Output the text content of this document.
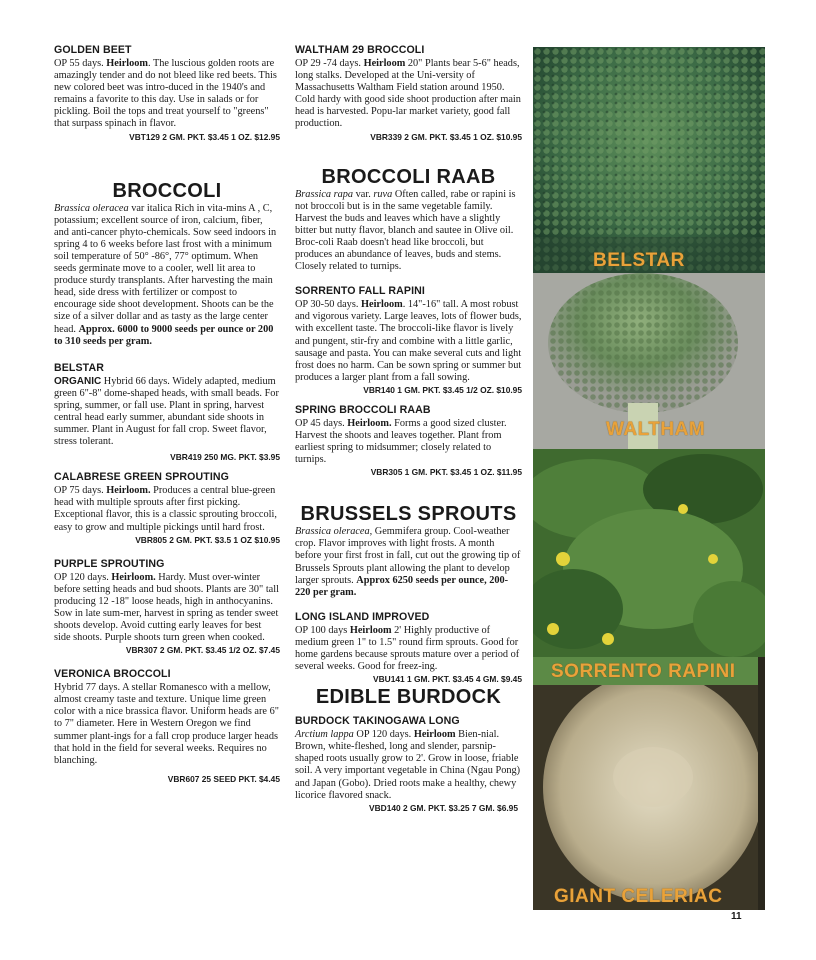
GOLDEN BEET

OP 55 days. Heirloom. The luscious golden roots are amazingly tender and do not bleed like red beets. This new colored beet was intro-duced in the 1940's and remains a favorite to this day. Use in salads or for pickling. Boil the tops and treat yourself to "greens" that surpass spinach in flavor.

VBT129 2 GM. PKT. $3.45 1 OZ. $12.95

BROCCOLI

Brassica oleracea var italica Rich in vita-mins A , C, potassium; excellent source of iron, calcium, fiber, and anti-cancer phyto-chemicals. Sow seed indoors in spring 4 to 6 weeks before last frost with a minimum soil temperature of 50° -86°, 77° optimum. When seeds germinate move to a cooler, well lit area to produce sturdy transplants. After harvesting the main head, side dress with fertilizer or compost to encourage side shoot development. Shoots can be the size of a silver dollar and as tasty as the large center head. Approx. 6000 to 9000 seeds per ounce or 200 to 310 seeds per gram.

BELSTAR

ORGANIC Hybrid 66 days. Widely adapted, medium green 6"-8" dome-shaped heads, with small beads. For spring, summer, or fall use. Plant in spring, harvest central head early summer, abundant side shoots in summer. Plant in August for fall crop. Sweet flavor, stress tolerant.

VBR419 250 MG. PKT. $3.95

CALABRESE GREEN SPROUTING

OP 75 days. Heirloom. Produces a central blue-green head with multiple sprouts after first picking. Exceptional flavor, this is a classic sprouting broccoli, easy to grow and multiple pickings until hard frost.

VBR805 2 GM. PKT. $3.5 1 OZ $10.95

PURPLE SPROUTING

OP 120 days. Heirloom. Hardy. Must over-winter before setting heads and bud shoots. Plants are 30" tall producing 12 -18" loose heads, high in anthocyanins. Sow in late sum-mer, harvest in spring as tender sweet shoots develop. Avoid cutting early leaves for best side shoots. Purple shoots turn green when cooked.

VBR307 2 GM. PKT. $3.45 1/2 OZ. $7.45

VERONICA BROCCOLI

Hybrid 77 days. A stellar Romanesco with a mellow, almost creamy taste and texture. Unique lime green color with a nice brassica flavor. Uniform heads are 6" to 7" diameter. Here in Western Oregon we find summer plant-ings for a fall crop produce larger heads that hold in the field for several weeks. Requires no blanching.

VBR607 25 SEED PKT. $4.45

WALTHAM 29 BROCCOLI

OP 29 -74 days. Heirloom 20" Plants bear 5-6" heads, long stalks. Developed at the Uni-versity of Massachusetts Waltham Field station around 1950. Cold hardy with good side shoot production after main head is harvested. Popu-lar market variety, good fall production.

VBR339 2 GM. PKT. $3.45 1 OZ. $10.95

BROCCOLI RAAB

Brassica rapa var. ruva Often called, rabe or rapini is not broccoli but is in the same vegetable family. Harvest the buds and leaves which have a slightly bitter but nutty flavor, blanch and sautee in Olive oil. Broc-coli Raab doesn't head like broccoli, but produces an abundance of leaves, buds and stems. Closely related to turnips.

SORRENTO FALL RAPINI

OP 30-50 days. Heirloom. 14"-16" tall. A most robust and vigorous variety. Large leaves, lots of flower buds, with excellent taste. The broccoli-like flavor is lively and pungent, stir-fry and combine with a little garlic, sausage and pasta. You can make several cuts and light frost does no harm. Can be sown spring or summer but produces a larger plant from a fall sowing.

VBR140 1 GM. PKT. $3.45 1/2 OZ. $10.95

SPRING BROCCOLI RAAB

OP 45 days. Heirloom. Forms a good sized cluster. Harvest the shoots and leaves together. Plant from earliest spring to midsummer; closely related to turnips.

VBR305 1 GM. PKT. $3.45 1 OZ. $11.95

BRUSSELS SPROUTS

Brassica oleracea, Gemmifera group. Cool-weather crop. Flavor improves with light frosts. A month before your first frost in fall, cut out the growing tip of Brussels Sprouts plant allowing the plant to develop larger sprouts. Approx 6250 seeds per ounce, 200-220 per gram.

LONG ISLAND IMPROVED

OP 100 days Heirloom 2' Highly productive of medium green 1" to 1.5" round firm sprouts. Good for home gardens because sprouts mature over a period of several weeks. Good for freez-ing.

VBU141 1 GM. PKT. $3.45 4 GM. $9.45

EDIBLE BURDOCK

BURDOCK TAKINOGAWA LONG

Arctium lappa OP 120 days. Heirloom Bien-nial. Brown, white-fleshed, long and slender, parsnip-shaped roots usually grow to 2'. Grow in loose, friable soil. A very important vegetable in China (Ngau Pong) and Japan (Gobo). Dried roots make a healthy, chewy licorice flavored snack.

VBD140 2 GM. PKT. $3.25 7 GM. $6.95

BELSTAR
WALTHAM
SORRENTO RAPINI
GIANT CELERIAC
11
